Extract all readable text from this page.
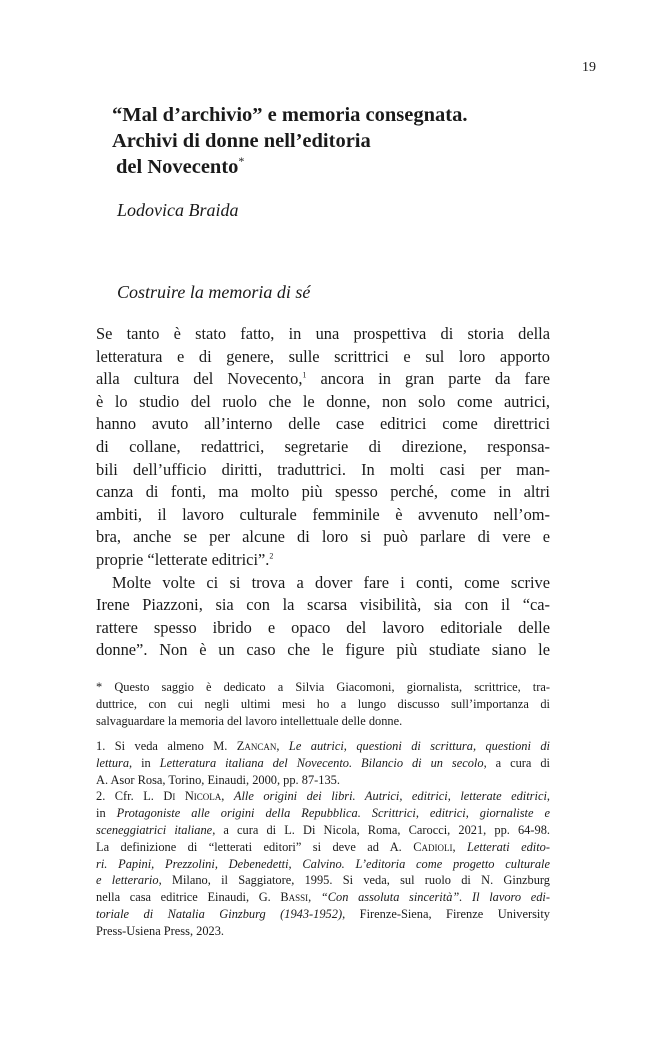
19
“Mal d’archivio” e memoria consegnata.
Archivi di donne nell’editoria
del Novecento*
Lodovica Braida
Costruire la memoria di sé
Se tanto è stato fatto, in una prospettiva di storia della
letteratura e di genere, sulle scrittrici e sul loro apporto
alla cultura del Novecento,$^1$ ancora in gran parte da fare
è lo studio del ruolo che le donne, non solo come autrici,
hanno avuto all’interno delle case editrici come direttrici
di collane, redattrici, segretarie di direzione, responsa-
bili dell’ufficio diritti, traduttrici. In molti casi per man-
canza di fonti, ma molto più spesso perché, come in altri
ambiti, il lavoro culturale femminile è avvenuto nell’om-
bra, anche se per alcune di loro si può parlare di vere e
proprie “letterate editrici”.$^2$
Molte volte ci si trova a dover fare i conti, come scrive
Irene Piazzoni, sia con la scarsa visibilità, sia con il “ca-
rattere spesso ibrido e opaco del lavoro editoriale delle
donne”. Non è un caso che le figure più studiate siano le
* Questo saggio è dedicato a Silvia Giacomoni, giornalista, scrittrice, tra-
duttrice, con cui negli ultimi mesi ho a lungo discusso sull’importanza di
salvaguardare la memoria del lavoro intellettuale delle donne.
1. Si veda almeno M. Zancan, Le autrici, questioni di scrittura, questioni di
lettura, in Letteratura italiana del Novecento. Bilancio di un secolo, a cura di
A. Asor Rosa, Torino, Einaudi, 2000, pp. 87-135.
2. Cfr. L. Di Nicola, Alle origini dei libri. Autrici, editrici, letterate editrici,
in Protagoniste alle origini della Repubblica. Scrittrici, editrici, giornaliste e
sceneggiatrici italiane, a cura di L. Di Nicola, Roma, Carocci, 2021, pp. 64-98.
La definizione di “letterati editori” si deve ad A. Cadioli, Letterati edito-
ri. Papini, Prezzolini, Debenedetti, Calvino. L’editoria come progetto culturale
e letterario, Milano, il Saggiatore, 1995. Si veda, sul ruolo di N. Ginzburg
nella casa editrice Einaudi, G. Bassi, “Con assoluta sincerità”. Il lavoro edi-
toriale di Natalia Ginzburg (1943-1952), Firenze-Siena, Firenze University
Press-Usiena Press, 2023.
